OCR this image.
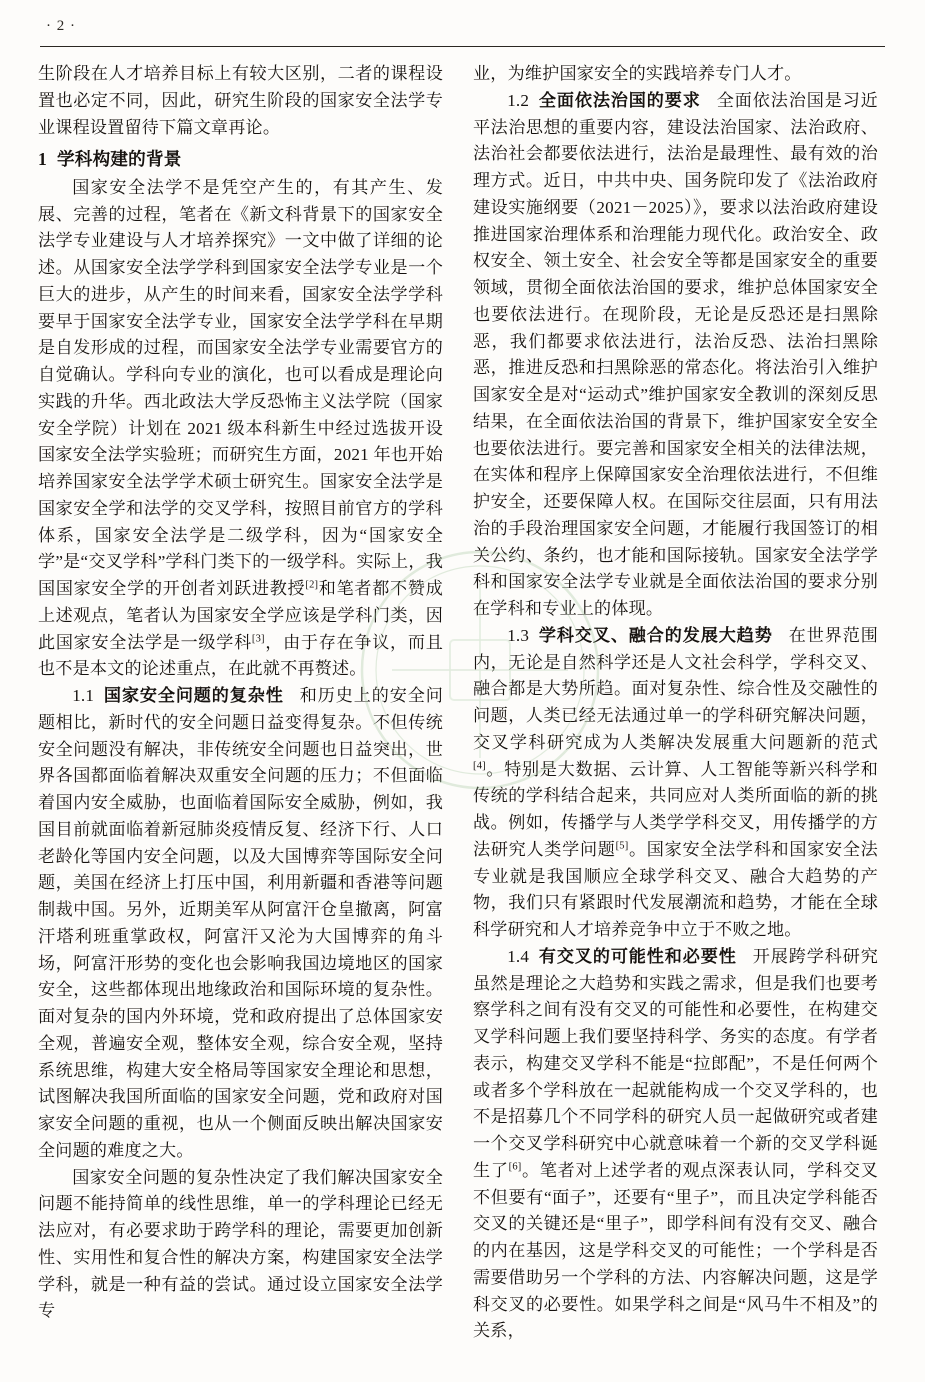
· 2 ·

生阶段在人才培养目标上有较大区别，二者的课程设置也必定不同，因此，研究生阶段的国家安全法学专业课程设置留待下篇文章再论。

1 学科构建的背景

国家安全法学不是凭空产生的，有其产生、发展、完善的过程，笔者在《新文科背景下的国家安全法学专业建设与人才培养探究》一文中做了详细的论述。从国家安全法学学科到国家安全法学专业是一个巨大的进步，从产生的时间来看，国家安全法学学科要早于国家安全法学专业，国家安全法学学科在早期是自发形成的过程，而国家安全法学专业需要官方的自觉确认。学科向专业的演化，也可以看成是理论向实践的升华。西北政法大学反恐怖主义法学院（国家安全学院）计划在 2021 级本科新生中经过选拔开设国家安全法学实验班；而研究生方面，2021 年也开始培养国家安全法学学术硕士研究生。国家安全法学是国家安全学和法学的交叉学科，按照目前官方的学科体系，国家安全法学是二级学科，因为“国家安全学”是“交叉学科”学科门类下的一级学科。实际上，我国国家安全学的开创者刘跃进教授[2]和笔者都不赞成上述观点，笔者认为国家安全学应该是学科门类，因此国家安全法学是一级学科[3]，由于存在争议，而且也不是本文的论述重点，在此就不再赘述。

1.1 国家安全问题的复杂性 和历史上的安全问题相比，新时代的安全问题日益变得复杂。不但传统安全问题没有解决，非传统安全问题也日益突出，世界各国都面临着解决双重安全问题的压力；不但面临着国内安全威胁，也面临着国际安全威胁，例如，我国目前就面临着新冠肺炎疫情反复、经济下行、人口老龄化等国内安全问题，以及大国博弈等国际安全问题，美国在经济上打压中国，利用新疆和香港等问题制裁中国。另外，近期美军从阿富汗仓皇撤离，阿富汗塔利班重掌政权，阿富汗又沦为大国博弈的角斗场，阿富汗形势的变化也会影响我国边境地区的国家安全，这些都体现出地缘政治和国际环境的复杂性。面对复杂的国内外环境，党和政府提出了总体国家安全观，普遍安全观，整体安全观，综合安全观，坚持系统思维，构建大安全格局等国家安全理论和思想，试图解决我国所面临的国家安全问题，党和政府对国家安全问题的重视，也从一个侧面反映出解决国家安全问题的难度之大。

国家安全问题的复杂性决定了我们解决国家安全问题不能持简单的线性思维，单一的学科理论已经无法应对，有必要求助于跨学科的理论，需要更加创新性、实用性和复合性的解决方案，构建国家安全法学学科，就是一种有益的尝试。通过设立国家安全法学专

业，为维护国家安全的实践培养专门人才。

1.2 全面依法治国的要求 全面依法治国是习近平法治思想的重要内容，建设法治国家、法治政府、法治社会都要依法进行，法治是最理性、最有效的治理方式。近日，中共中央、国务院印发了《法治政府建设实施纲要（2021－2025）》，要求以法治政府建设推进国家治理体系和治理能力现代化。政治安全、政权安全、领土安全、社会安全等都是国家安全的重要领域，贯彻全面依法治国的要求，维护总体国家安全也要依法进行。在现阶段，无论是反恐还是扫黑除恶，我们都要求依法进行，法治反恐、法治扫黑除恶，推进反恐和扫黑除恶的常态化。将法治引入维护国家安全是对“运动式”维护国家安全教训的深刻反思结果，在全面依法治国的背景下，维护国家安全安全也要依法进行。要完善和国家安全相关的法律法规，在实体和程序上保障国家安全治理依法进行，不但维护安全，还要保障人权。在国际交往层面，只有用法治的手段治理国家安全问题，才能履行我国签订的相关公约、条约，也才能和国际接轨。国家安全法学学科和国家安全法学专业就是全面依法治国的要求分别在学科和专业上的体现。

1.3 学科交叉、融合的发展大趋势 在世界范围内，无论是自然科学还是人文社会科学，学科交叉、融合都是大势所趋。面对复杂性、综合性及交融性的问题，人类已经无法通过单一的学科研究解决问题，交叉学科研究成为人类解决发展重大问题新的范式[4]。特别是大数据、云计算、人工智能等新兴科学和传统的学科结合起来，共同应对人类所面临的新的挑战。例如，传播学与人类学学科交叉，用传播学的方法研究人类学问题[5]。国家安全法学科和国家安全法专业就是我国顺应全球学科交叉、融合大趋势的产物，我们只有紧跟时代发展潮流和趋势，才能在全球科学研究和人才培养竞争中立于不败之地。

1.4 有交叉的可能性和必要性 开展跨学科研究虽然是理论之大趋势和实践之需求，但是我们也要考察学科之间有没有交叉的可能性和必要性，在构建交叉学科问题上我们要坚持科学、务实的态度。有学者表示，构建交叉学科不能是“拉郎配”，不是任何两个或者多个学科放在一起就能构成一个交叉学科的，也不是招募几个不同学科的研究人员一起做研究或者建一个交叉学科研究中心就意味着一个新的交叉学科诞生了[6]。笔者对上述学者的观点深表认同，学科交叉不但要有“面子”，还要有“里子”，而且决定学科能否交叉的关键还是“里子”，即学科间有没有交叉、融合的内在基因，这是学科交叉的可能性；一个学科是否需要借助另一个学科的方法、内容解决问题，这是学科交叉的必要性。如果学科之间是“风马牛不相及”的关系，
